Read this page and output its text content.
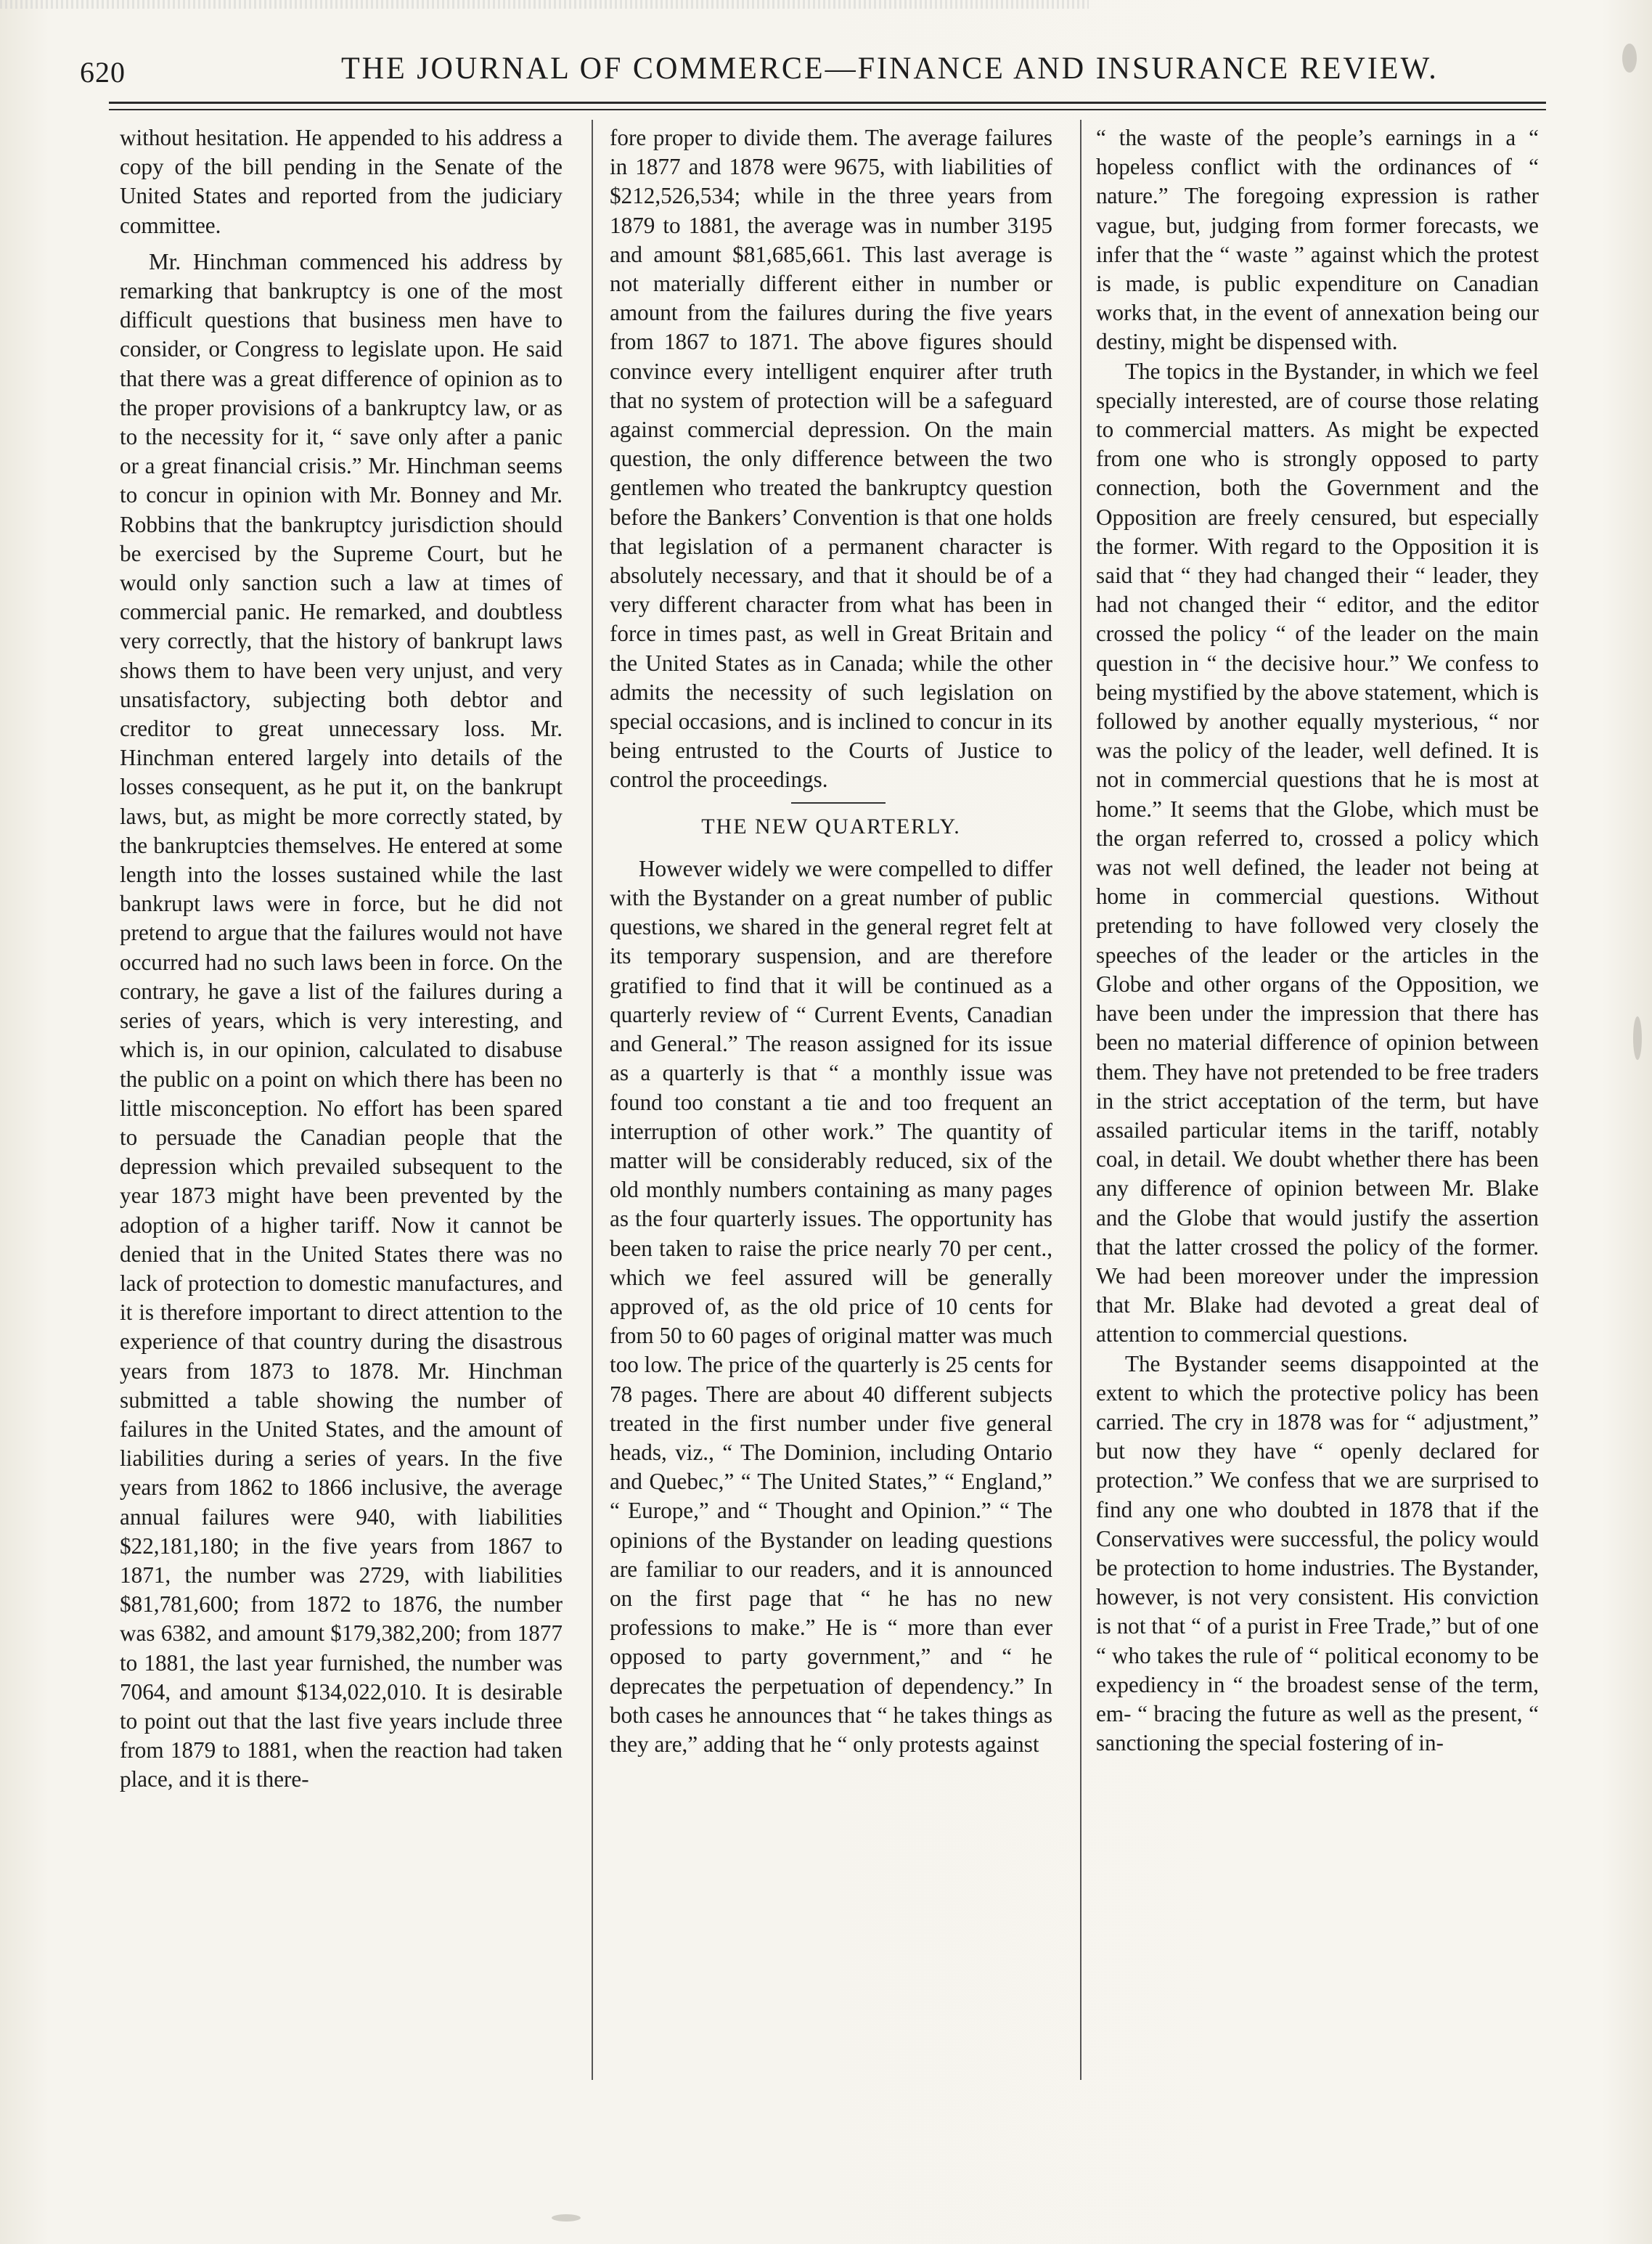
620	THE JOURNAL OF COMMERCE—FINANCE AND INSURANCE REVIEW.

without hesitation. He appended to his address a copy of the bill pending in the Senate of the United States and reported from the judiciary committee.

Mr. Hinchman commenced his address by remarking that bankruptcy is one of the most difficult questions that business men have to consider, or Congress to legislate upon. He said that there was a great difference of opinion as to the proper provisions of a bankruptcy law, or as to the necessity for it, “ save only after a panic or a great financial crisis.” Mr. Hinchman seems to concur in opinion with Mr. Bonney and Mr. Robbins that the bankruptcy jurisdiction should be exercised by the Supreme Court, but he would only sanction such a law at times of commercial panic. He remarked, and doubtless very correctly, that the history of bankrupt laws shows them to have been very unjust, and very unsatisfactory, subjecting both debtor and creditor to great unnecessary loss. Mr. Hinchman entered largely into details of the losses consequent, as he put it, on the bankrupt laws, but, as might be more correctly stated, by the bankruptcies themselves. He entered at some length into the losses sustained while the last bankrupt laws were in force, but he did not pretend to argue that the failures would not have occurred had no such laws been in force. On the contrary, he gave a list of the failures during a series of years, which is very interesting, and which is, in our opinion, calculated to disabuse the public on a point on which there has been no little misconception. No effort has been spared to persuade the Canadian people that the depression which prevailed subsequent to the year 1873 might have been prevented by the adoption of a higher tariff. Now it cannot be denied that in the United States there was no lack of protection to domestic manufactures, and it is therefore important to direct attention to the experience of that country during the disastrous years from 1873 to 1878. Mr. Hinchman submitted a table showing the number of failures in the United States, and the amount of liabilities during a series of years. In the five years from 1862 to 1866 inclusive, the average annual failures were 940, with liabilities $22,181,180; in the five years from 1867 to 1871, the number was 2729, with liabilities $81,781,600; from 1872 to 1876, the number was 6382, and amount $179,382,200; from 1877 to 1881, the last year furnished, the number was 7064, and amount $134,022,010. It is desirable to point out that the last five years include three from 1879 to 1881, when the reaction had taken place, and it is there-

fore proper to divide them. The average failures in 1877 and 1878 were 9675, with liabilities of $212,526,534; while in the three years from 1879 to 1881, the average was in number 3195 and amount $81,685,661. This last average is not materially different either in number or amount from the failures during the five years from 1867 to 1871. The above figures should convince every intelligent enquirer after truth that no system of protection will be a safeguard against commercial depression. On the main question, the only difference between the two gentlemen who treated the bankruptcy question before the Bankers’ Convention is that one holds that legislation of a permanent character is absolutely necessary, and that it should be of a very different character from what has been in force in times past, as well in Great Britain and the United States as in Canada; while the other admits the necessity of such legislation on special occasions, and is inclined to concur in its being entrusted to the Courts of Justice to control the proceedings.

THE NEW QUARTERLY.

However widely we were compelled to differ with the Bystander on a great number of public questions, we shared in the general regret felt at its temporary suspension, and are therefore gratified to find that it will be continued as a quarterly review of “ Current Events, Canadian and General.” The reason assigned for its issue as a quarterly is that “ a monthly issue was found too constant a tie and too frequent an interruption of other work.” The quantity of matter will be considerably reduced, six of the old monthly numbers containing as many pages as the four quarterly issues. The opportunity has been taken to raise the price nearly 70 per cent., which we feel assured will be generally approved of, as the old price of 10 cents for from 50 to 60 pages of original matter was much too low. The price of the quarterly is 25 cents for 78 pages. There are about 40 different subjects treated in the first number under five general heads, viz., “ The Dominion, including Ontario and Quebec,” “ The United States,” “ England,” “ Europe,” and “ Thought and Opinion.” “ The opinions of the Bystander on leading questions are familiar to our readers, and it is announced on the first page that “ he has no new professions to make.” He is “ more than ever opposed to party government,” and “ he deprecates the perpetuation of dependency.” In both cases he announces that “ he takes things as they are,” adding that he “ only protests against

“ the waste of the people’s earnings in a “ hopeless conflict with the ordinances of “ nature.” The foregoing expression is rather vague, but, judging from former forecasts, we infer that the “ waste ” against which the protest is made, is public expenditure on Canadian works that, in the event of annexation being our destiny, might be dispensed with.

The topics in the Bystander, in which we feel specially interested, are of course those relating to commercial matters. As might be expected from one who is strongly opposed to party connection, both the Government and the Opposition are freely censured, but especially the former. With regard to the Opposition it is said that “ they had changed their “ leader, they had not changed their “ editor, and the editor crossed the policy “ of the leader on the main question in “ the decisive hour.” We confess to being mystified by the above statement, which is followed by another equally mysterious, “ nor was the policy of the leader, well defined. It is not in commercial questions that he is most at home.” It seems that the Globe, which must be the organ referred to, crossed a policy which was not well defined, the leader not being at home in commercial questions. Without pretending to have followed very closely the speeches of the leader or the articles in the Globe and other organs of the Opposition, we have been under the impression that there has been no material difference of opinion between them. They have not pretended to be free traders in the strict acceptation of the term, but have assailed particular items in the tariff, notably coal, in detail. We doubt whether there has been any difference of opinion between Mr. Blake and the Globe that would justify the assertion that the latter crossed the policy of the former. We had been moreover under the impression that Mr. Blake had devoted a great deal of attention to commercial questions.

The Bystander seems disappointed at the extent to which the protective policy has been carried. The cry in 1878 was for “ adjustment,” but now they have “ openly declared for protection.” We confess that we are surprised to find any one who doubted in 1878 that if the Conservatives were successful, the policy would be protection to home industries. The Bystander, however, is not very consistent. His conviction is not that “ of a purist in Free Trade,” but of one “ who takes the rule of “ political economy to be expediency in “ the broadest sense of the term, em- “ bracing the future as well as the present, “ sanctioning the special fostering of in-
